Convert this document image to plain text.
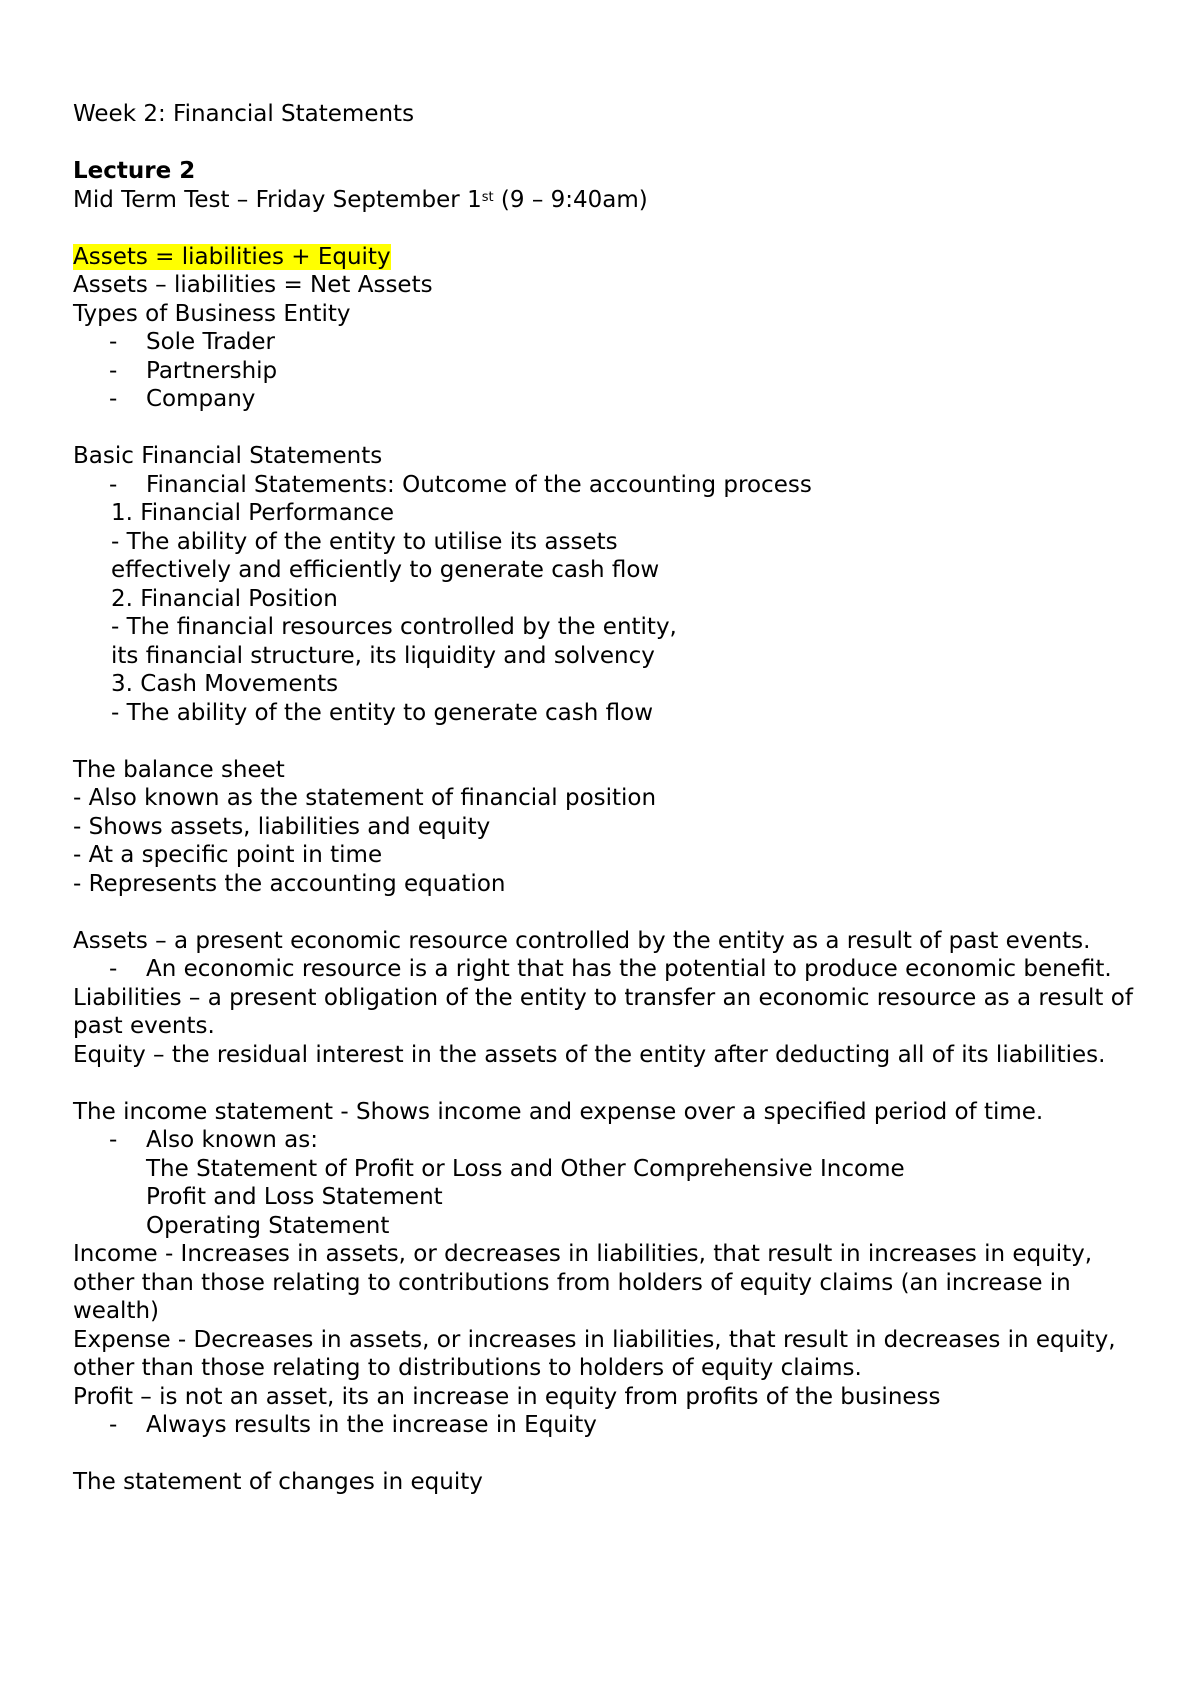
Week 2: Financial Statements
Lecture 2
Mid Term Test – Friday September 1st (9 – 9:40am)
Assets = liabilities + Equity
Assets – liabilities = Net Assets
Types of Business Entity
-	Sole Trader
-	Partnership
-	Company
Basic Financial Statements
-	Financial Statements: Outcome of the accounting process
1. Financial Performance
- The ability of the entity to utilise its assets
effectively and efficiently to generate cash flow
2. Financial Position
- The financial resources controlled by the entity,
its financial structure, its liquidity and solvency
3. Cash Movements
- The ability of the entity to generate cash flow
The balance sheet
- Also known as the statement of financial position
- Shows assets, liabilities and equity
- At a specific point in time
- Represents the accounting equation
Assets – a present economic resource controlled by the entity as a result of past events.
-	An economic resource is a right that has the potential to produce economic benefit.
Liabilities – a present obligation of the entity to transfer an economic resource as a result of past events.
Equity – the residual interest in the assets of the entity after deducting all of its liabilities.
The income statement - Shows income and expense over a specified period of time.
-	Also known as:
The Statement of Profit or Loss and Other Comprehensive Income
Profit and Loss Statement
Operating Statement
Income - Increases in assets, or decreases in liabilities, that result in increases in equity, other than those relating to contributions from holders of equity claims (an increase in wealth)
Expense - Decreases in assets, or increases in liabilities, that result in decreases in equity, other than those relating to distributions to holders of equity claims.
Profit – is not an asset, its an increase in equity from profits of the business
-	Always results in the increase in Equity
The statement of changes in equity
